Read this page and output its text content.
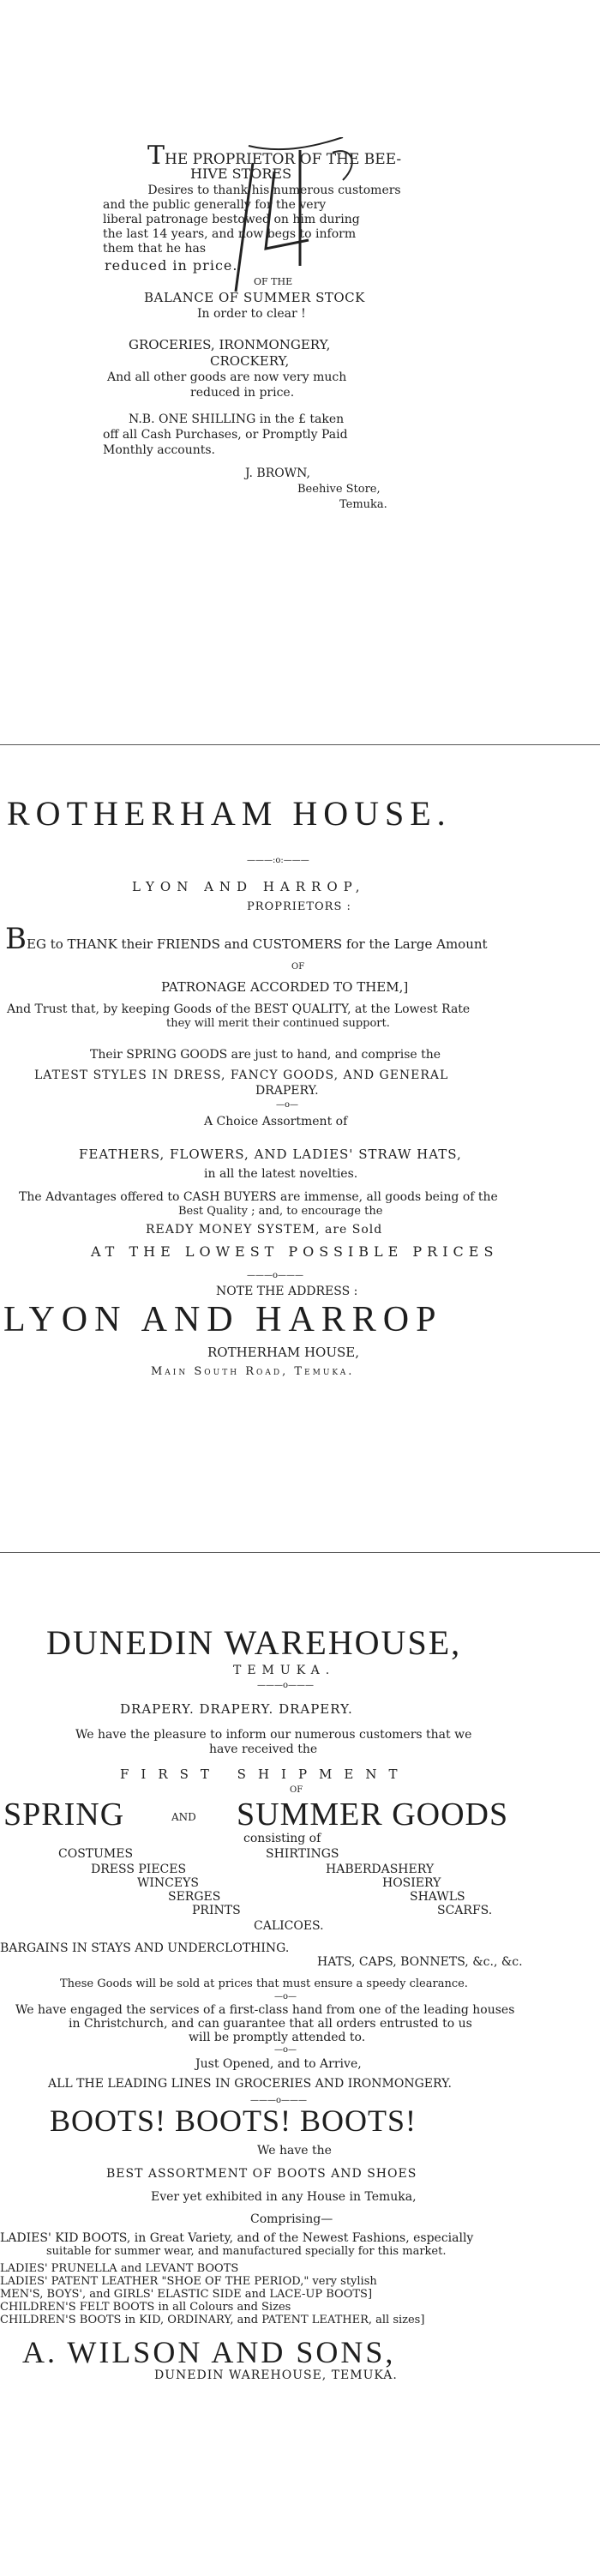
THE PROPRIETOR OF THE BEE-
HIVE STORES
Desires to thank his numerous customers
and the public generally for the very
liberal patronage bestowed on him during
the last 14 years, and now begs to inform
them that he has
reduced in price.
OF THE
BALANCE OF SUMMER STOCK
In order to clear !
GROCERIES, IRONMONGERY,
CROCKERY,
And all other goods are now very much
reduced in price.
N.B. ONE SHILLING in the £ taken
off all Cash Purchases, or Promptly Paid
Monthly accounts.
J. BROWN,
Beehive Store,
Temuka.
ROTHERHAM HOUSE.
———:o:———
LYON AND HARROP,
PROPRIETORS :
BEG to THANK their FRIENDS and CUSTOMERS for the Large Amount
OF
PATRONAGE ACCORDED TO THEM,]
And Trust that, by keeping Goods of the BEST QUALITY, at the Lowest Rate
they will merit their continued support.
Their SPRING GOODS are just to hand, and comprise the
LATEST STYLES IN DRESS, FANCY GOODS, AND GENERAL
DRAPERY.
—o—
A Choice Assortment of
FEATHERS, FLOWERS, AND LADIES' STRAW HATS,
in all the latest novelties.
The Advantages offered to CASH BUYERS are immense, all goods being of the
Best Quality ; and, to encourage the
READY MONEY SYSTEM, are Sold
AT THE LOWEST POSSIBLE PRICES
———o———
NOTE THE ADDRESS :
LYON AND HARROP
ROTHERHAM HOUSE,
Main South Road, Temuka.
DUNEDIN WAREHOUSE,
TEMUKA.
———o———
DRAPERY. DRAPERY. DRAPERY.
We have the pleasure to inform our numerous customers that we
have received the
FIRST SHIPMENT
OF
SPRING	AND SUMMER GOODS
consisting of
COSTUMES	SHIRTINGS
DRESS PIECES	HABERDASHERY
WINCEYS	HOSIERY
SERGES	SHAWLS
PRINTS	SCARFS.
CALICOES.
BARGAINS IN STAYS AND UNDERCLOTHING.
HATS, CAPS, BONNETS, &c., &c.
These Goods will be sold at prices that must ensure a speedy clearance.
—o—
We have engaged the services of a first-class hand from one of the leading houses
in Christchurch, and can guarantee that all orders entrusted to us
will be promptly attended to.
—o—
Just Opened, and to Arrive,
ALL THE LEADING LINES IN GROCERIES AND IRONMONGERY.
———o———
BOOTS! BOOTS! BOOTS!
We have the
BEST ASSORTMENT OF BOOTS AND SHOES
Ever yet exhibited in any House in Temuka,
Comprising—
LADIES' KID BOOTS, in Great Variety, and of the Newest Fashions, especially
suitable for summer wear, and manufactured specially for this market.
LADIES' PRUNELLA and LEVANT BOOTS
LADIES' PATENT LEATHER "SHOE OF THE PERIOD," very stylish
MEN'S, BOYS', and GIRLS' ELASTIC SIDE and LACE-UP BOOTS]
CHILDREN'S FELT BOOTS in all Colours and Sizes
CHILDREN'S BOOTS in KID, ORDINARY, and PATENT LEATHER, all sizes]
A. WILSON AND SONS,
DUNEDIN WAREHOUSE, TEMUKA.
